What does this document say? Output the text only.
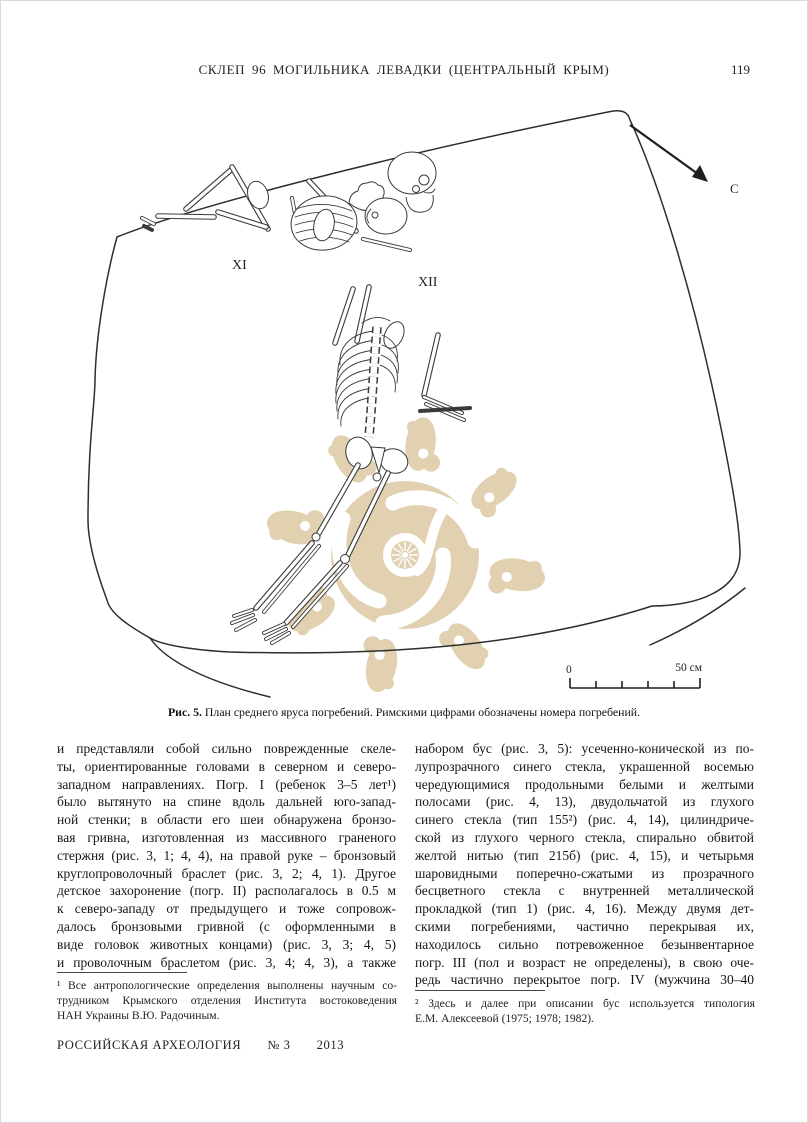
СКЛЕП 96 МОГИЛЬНИКА ЛЕВАДКИ (ЦЕНТРАЛЬНЫЙ КРЫМ)	119
XI
XII
С
0	50 см
Рис. 5. План среднего яруса погребений. Римскими цифрами обозначены номера погребений.
и представляли собой сильно поврежденные скеле-
ты, ориентированные головами в северном и северо-
западном направлениях. Погр. I (ребенок 3–5 лет¹)
было вытянуто на спине вдоль дальней юго-запад-
ной стенки; в области его шеи обнаружена бронзо-
вая гривна, изготовленная из массивного граненого
стержня (рис. 3, 1; 4, 4), на правой руке – бронзовый
круглопроволочный браслет (рис. 3, 2; 4, 1). Другое
детское захоронение (погр. II) располагалось в 0.5 м
к северо-западу от предыдущего и тоже сопровож-
далось бронзовыми гривной (с оформленными в
виде головок животных концами) (рис. 3, 3; 4, 5)
и проволочным браслетом (рис. 3, 4; 4, 3), а также
набором бус (рис. 3, 5): усеченно-конической из по-
лупрозрачного синего стекла, украшенной восемью
чередующимися продольными белыми и желтыми
полосами (рис. 4, 13), двудольчатой из глухого
синего стекла (тип 155²) (рис. 4, 14), цилиндриче-
ской из глухого черного стекла, спирально обвитой
желтой нитью (тип 215б) (рис. 4, 15), и четырьмя
шаровидными поперечно-сжатыми из прозрачного
бесцветного стекла с внутренней металлической
прокладкой (тип 1) (рис. 4, 16). Между двумя дет-
скими погребениями, частично перекрывая их,
находилось сильно потревоженное безынвентарное
погр. III (пол и возраст не определены), в свою оче-
редь частично перекрытое погр. IV (мужчина 30–40
¹ Все антропологические определения выполнены научным со-
трудником Крымского отделения Института востоковедения
НАН Украины В.Ю. Радочиным.
² Здесь и далее при описании бус используется типология
Е.М. Алексеевой (1975; 1978; 1982).
РОССИЙСКАЯ АРХЕОЛОГИЯ № 3 2013
